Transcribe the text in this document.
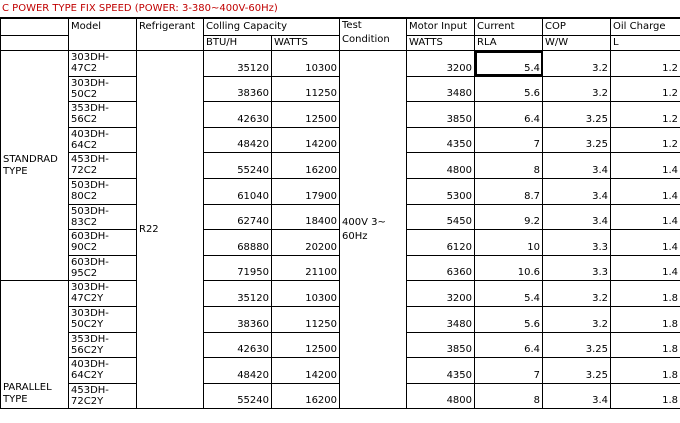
C POWER TYPE FIX SPEED (POWER: 3-380~400V-60Hz)
	Model	Refrigerant	Colling Capacity		Test Condition	Motor Input	Current	COP	Oil Charge
			BTU/H	WATTS		WATTS	RLA	W/W	L
STANDRAD TYPE	303DH-47C2	R22	35120	10300	400V 3~ 60Hz	3200	5.4	3.2	1.2
	303DH-50C2		38360	11250		3480	5.6	3.2	1.2
	353DH-56C2		42630	12500		3850	6.4	3.25	1.2
	403DH-64C2		48420	14200		4350	7	3.25	1.2
	453DH-72C2		55240	16200		4800	8	3.4	1.4
	503DH-80C2		61040	17900		5300	8.7	3.4	1.4
	503DH-83C2		62740	18400		5450	9.2	3.4	1.4
	603DH-90C2		68880	20200		6120	10	3.3	1.4
	603DH-95C2		71950	21100		6360	10.6	3.3	1.4
PARALLEL TYPE	303DH-47C2Y		35120	10300		3200	5.4	3.2	1.8
	303DH-50C2Y		38360	11250		3480	5.6	3.2	1.8
	353DH-56C2Y		42630	12500		3850	6.4	3.25	1.8
	403DH-64C2Y		48420	14200		4350	7	3.25	1.8
	453DH-72C2Y		55240	16200		4800	8	3.4	1.8
